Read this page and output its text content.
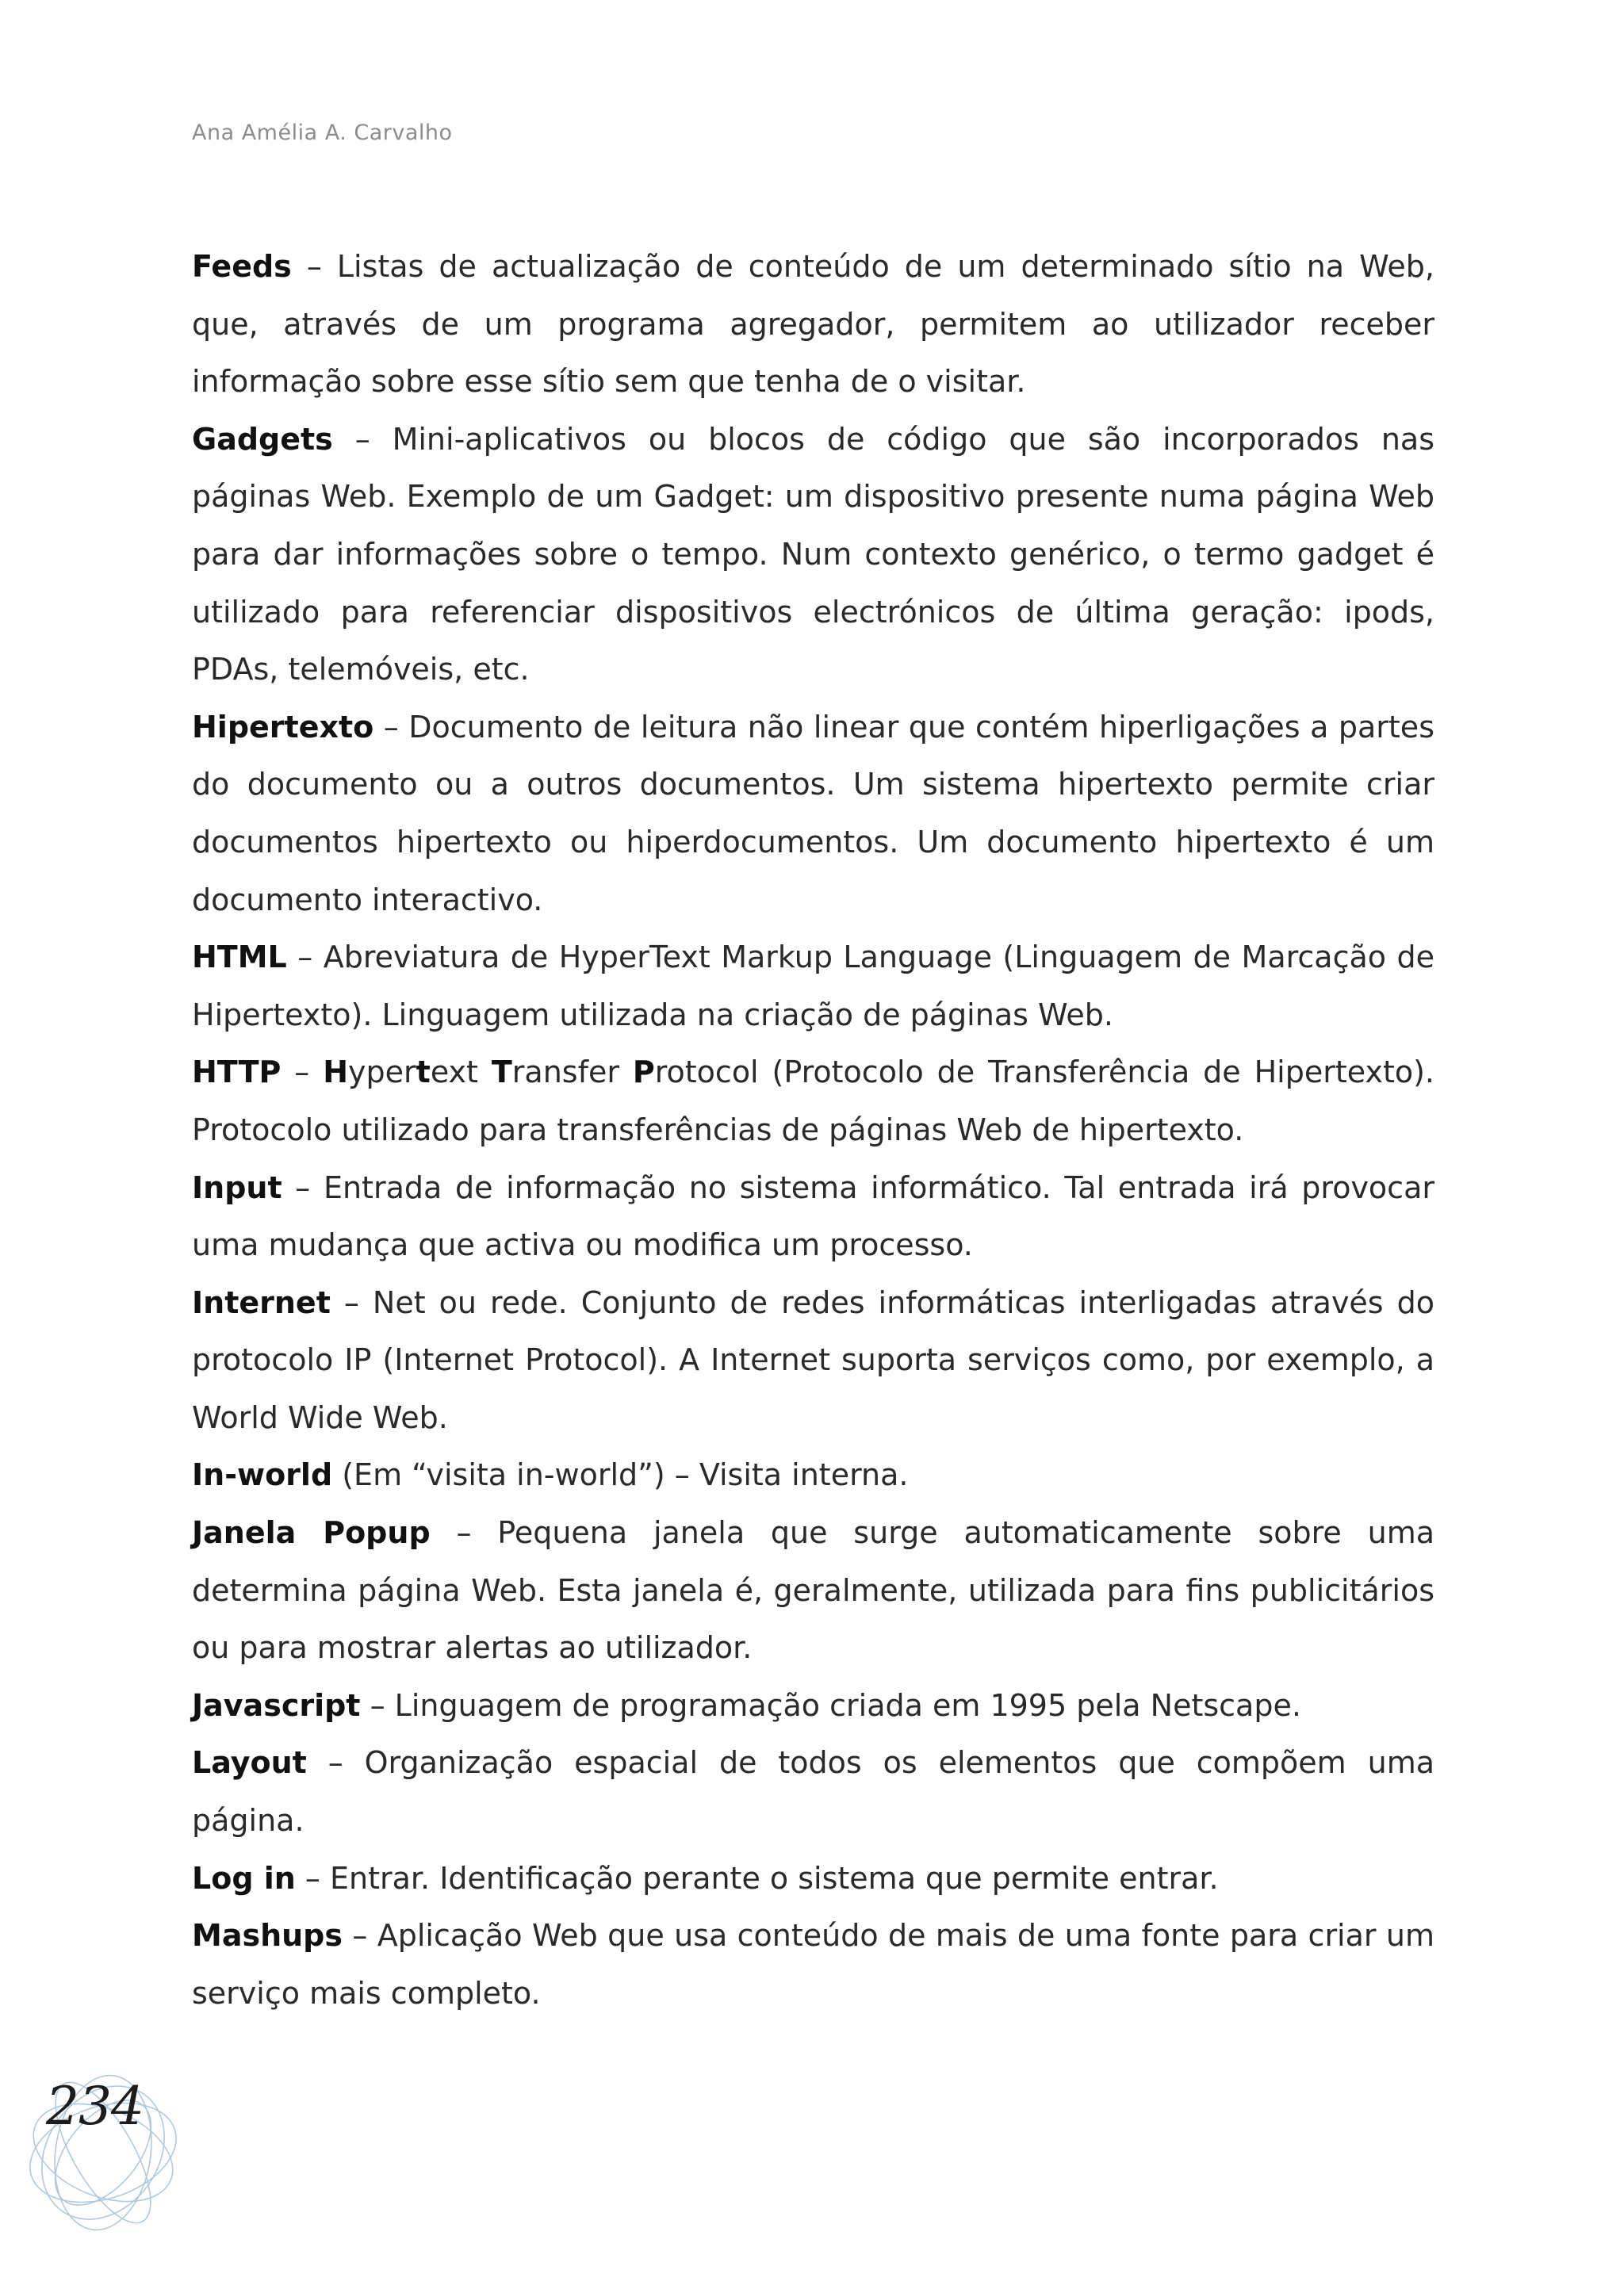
Ana Amélia A. Carvalho

Feeds – Listas de actualização de conteúdo de um determinado sítio na Web, que, através de um programa agregador, permitem ao utilizador receber informação sobre esse sítio sem que tenha de o visitar.

Gadgets – Mini-aplicativos ou blocos de código que são incorporados nas páginas Web. Exemplo de um Gadget: um dispositivo presente numa página Web para dar informações sobre o tempo. Num contexto genérico, o termo gadget é utilizado para referenciar dispositivos electrónicos de última geração: ipods, PDAs, telemóveis, etc.

Hipertexto – Documento de leitura não linear que contém hiperligações a partes do documento ou a outros documentos. Um sistema hipertexto permite criar documentos hipertexto ou hiperdocumentos. Um documento hipertexto é um documento interactivo.

HTML – Abreviatura de HyperText Markup Language (Linguagem de Marcação de Hipertexto). Linguagem utilizada na criação de páginas Web.

HTTP – Hypertext Transfer Protocol (Protocolo de Transferência de Hipertexto). Protocolo utilizado para transferências de páginas Web de hipertexto.

Input – Entrada de informação no sistema informático. Tal entrada irá provocar uma mudança que activa ou modifica um processo.

Internet – Net ou rede. Conjunto de redes informáticas interligadas através do protocolo IP (Internet Protocol). A Internet suporta serviços como, por exemplo, a World Wide Web.

In-world (Em “visita in-world”) – Visita interna.

Janela Popup – Pequena janela que surge automaticamente sobre uma determina página Web. Esta janela é, geralmente, utilizada para fins publicitários ou para mostrar alertas ao utilizador.

Javascript – Linguagem de programação criada em 1995 pela Netscape.

Layout – Organização espacial de todos os elementos que compõem uma página.

Log in – Entrar. Identificação perante o sistema que permite entrar.

Mashups – Aplicação Web que usa conteúdo de mais de uma fonte para criar um serviço mais completo.

234
